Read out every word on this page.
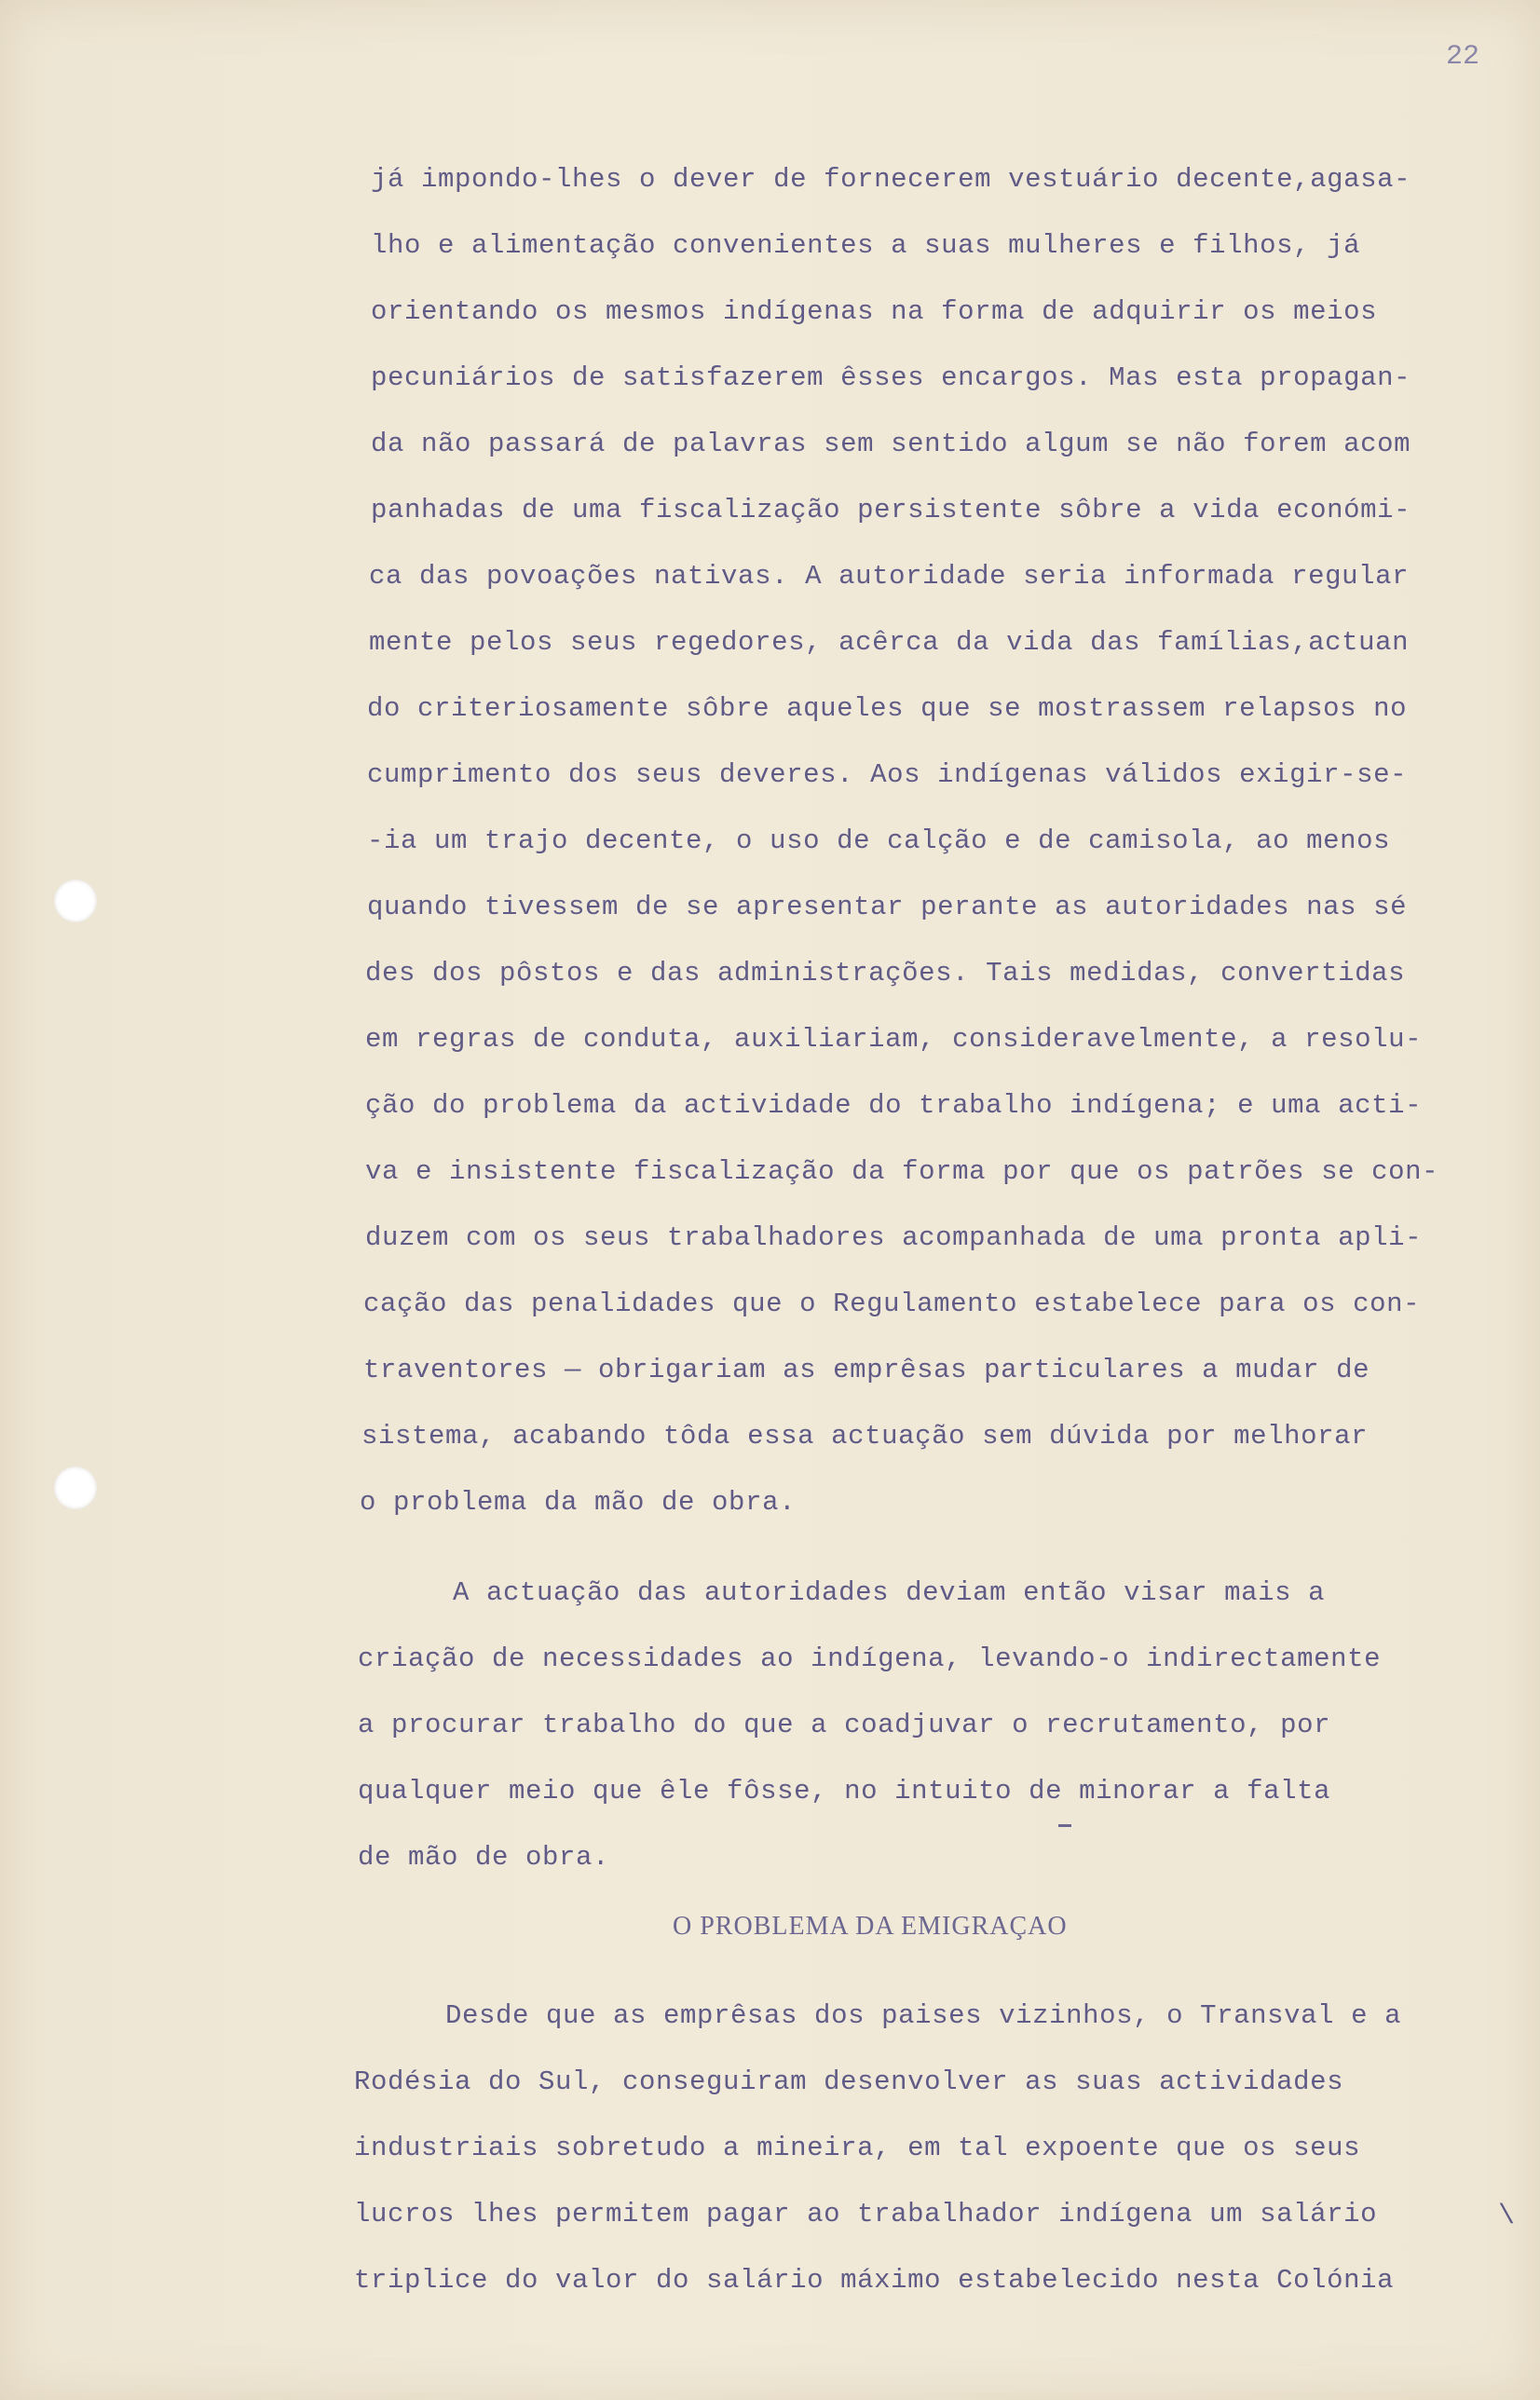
22
já impondo-lhes o dever de fornecerem vestuário decente,agasa-
lho e alimentação convenientes a suas mulheres e filhos, já
orientando os mesmos indígenas na forma de adquirir os meios
pecuniários de satisfazerem êsses encargos. Mas esta propagan-
da não passará de palavras sem sentido algum se não forem acom
panhadas de uma fiscalização persistente sôbre a vida económi-
ca das povoações nativas. A autoridade seria informada regular
mente pelos seus regedores, acêrca da vida das famílias,actuan
do criteriosamente sôbre aqueles que se mostrassem relapsos no
cumprimento dos seus deveres. Aos indígenas válidos exigir-se-
-ia um trajo decente, o uso de calção e de camisola, ao menos
quando tivessem de se apresentar perante as autoridades nas sé
des dos pôstos e das administrações. Tais medidas, convertidas
em regras de conduta, auxiliariam, consideravelmente, a resolu-
ção do problema da actividade do trabalho indígena; e uma acti-
va e insistente fiscalização da forma por que os patrões se con-
duzem com os seus trabalhadores acompanhada de uma pronta apli-
cação das penalidades que o Regulamento estabelece para os con-
traventores — obrigariam as emprêsas particulares a mudar de
sistema, acabando tôda essa actuação sem dúvida por melhorar
o problema da mão de obra.
A actuação das autoridades deviam então visar mais a
criação de necessidades ao indígena, levando-o indirectamente
a procurar trabalho do que a coadjuvar o recrutamento, por
qualquer meio que êle fôsse, no intuito de minorar a falta
de mão de obra.
O PROBLEMA DA EMIGRAÇAO
Desde que as emprêsas dos paises vizinhos, o Transval e a
Rodésia do Sul, conseguiram desenvolver as suas actividades
industriais sobretudo a mineira, em tal expoente que os seus
lucros lhes permitem pagar ao trabalhador indígena um salário
triplice do valor do salário máximo estabelecido nesta Colónia
\
